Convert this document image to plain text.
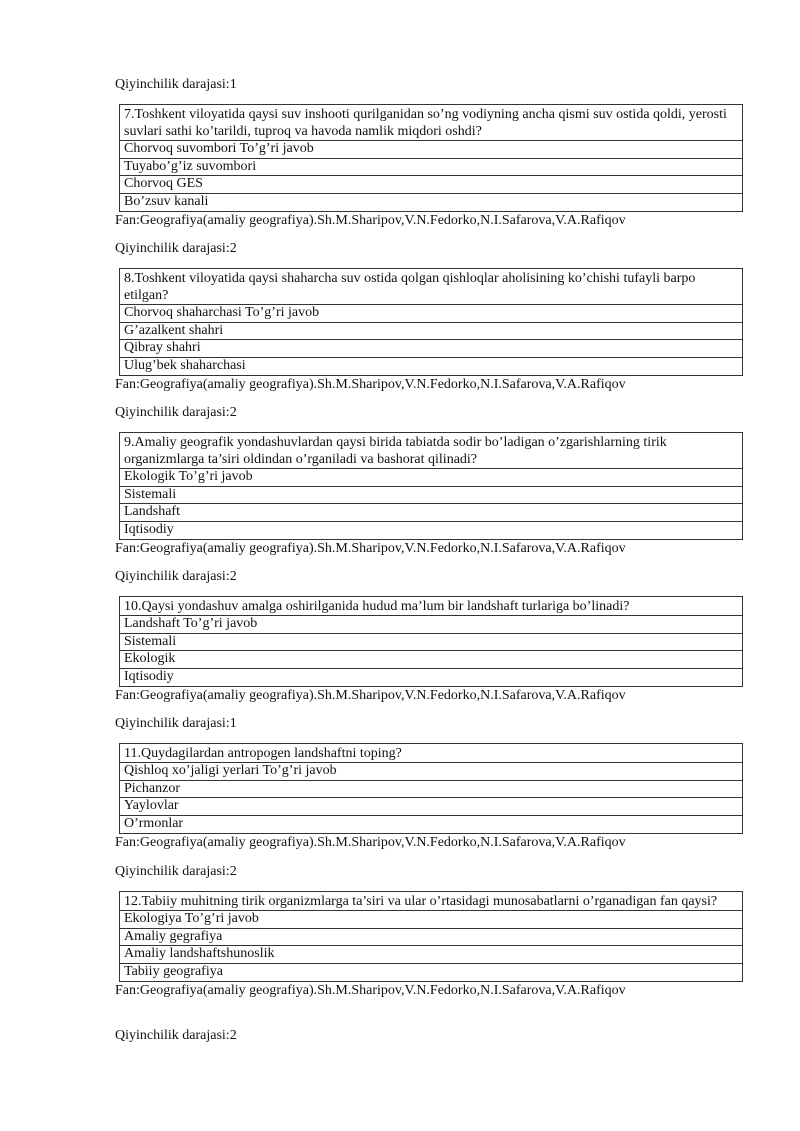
Qiyinchilik darajasi:1
7.Toshkent viloyatida qaysi suv inshooti qurilganidan so’ng vodiyning ancha qismi suv ostida qoldi, yerosti suvlari sathi ko’tarildi, tuproq va havoda namlik miqdori oshdi?
Chorvoq suvombori To’g’ri javob
Tuyabo’g’iz suvombori
Chorvoq GES
Bo’zsuv kanali
Fan:Geografiya(amaliy geografiya).Sh.M.Sharipov,V.N.Fedorko,N.I.Safarova,V.A.Rafiqov
Qiyinchilik darajasi:2
8.Toshkent viloyatida qaysi shaharcha suv ostida qolgan qishloqlar aholisining ko’chishi tufayli barpo etilgan?
Chorvoq shaharchasi To’g’ri javob
G’azalkent shahri
Qibray shahri
Ulug’bek shaharchasi
Fan:Geografiya(amaliy geografiya).Sh.M.Sharipov,V.N.Fedorko,N.I.Safarova,V.A.Rafiqov
Qiyinchilik darajasi:2
9.Amaliy geografik yondashuvlardan qaysi birida tabiatda sodir bo’ladigan o’zgarishlarning tirik organizmlarga ta’siri oldindan o’rganiladi va bashorat qilinadi?
Ekologik To’g’ri javob
Sistemali
Landshaft
Iqtisodiy
Fan:Geografiya(amaliy geografiya).Sh.M.Sharipov,V.N.Fedorko,N.I.Safarova,V.A.Rafiqov
Qiyinchilik darajasi:2
10.Qaysi yondashuv amalga oshirilganida hudud ma’lum bir landshaft turlariga bo’linadi?
Landshaft To’g’ri javob
Sistemali
Ekologik
Iqtisodiy
Fan:Geografiya(amaliy geografiya).Sh.M.Sharipov,V.N.Fedorko,N.I.Safarova,V.A.Rafiqov
Qiyinchilik darajasi:1
11.Quydagilardan antropogen landshaftni toping?
Qishloq xo’jaligi yerlari To’g’ri javob
Pichanzor
Yaylovlar
O’rmonlar
Fan:Geografiya(amaliy geografiya).Sh.M.Sharipov,V.N.Fedorko,N.I.Safarova,V.A.Rafiqov
Qiyinchilik darajasi:2
12.Tabiiy muhitning tirik organizmlarga ta’siri va ular o’rtasidagi munosabatlarni o’rganadigan fan qaysi?
Ekologiya To’g’ri javob
Amaliy gegrafiya
Amaliy landshaftshunoslik
Tabiiy geografiya
Fan:Geografiya(amaliy geografiya).Sh.M.Sharipov,V.N.Fedorko,N.I.Safarova,V.A.Rafiqov
Qiyinchilik darajasi:2
